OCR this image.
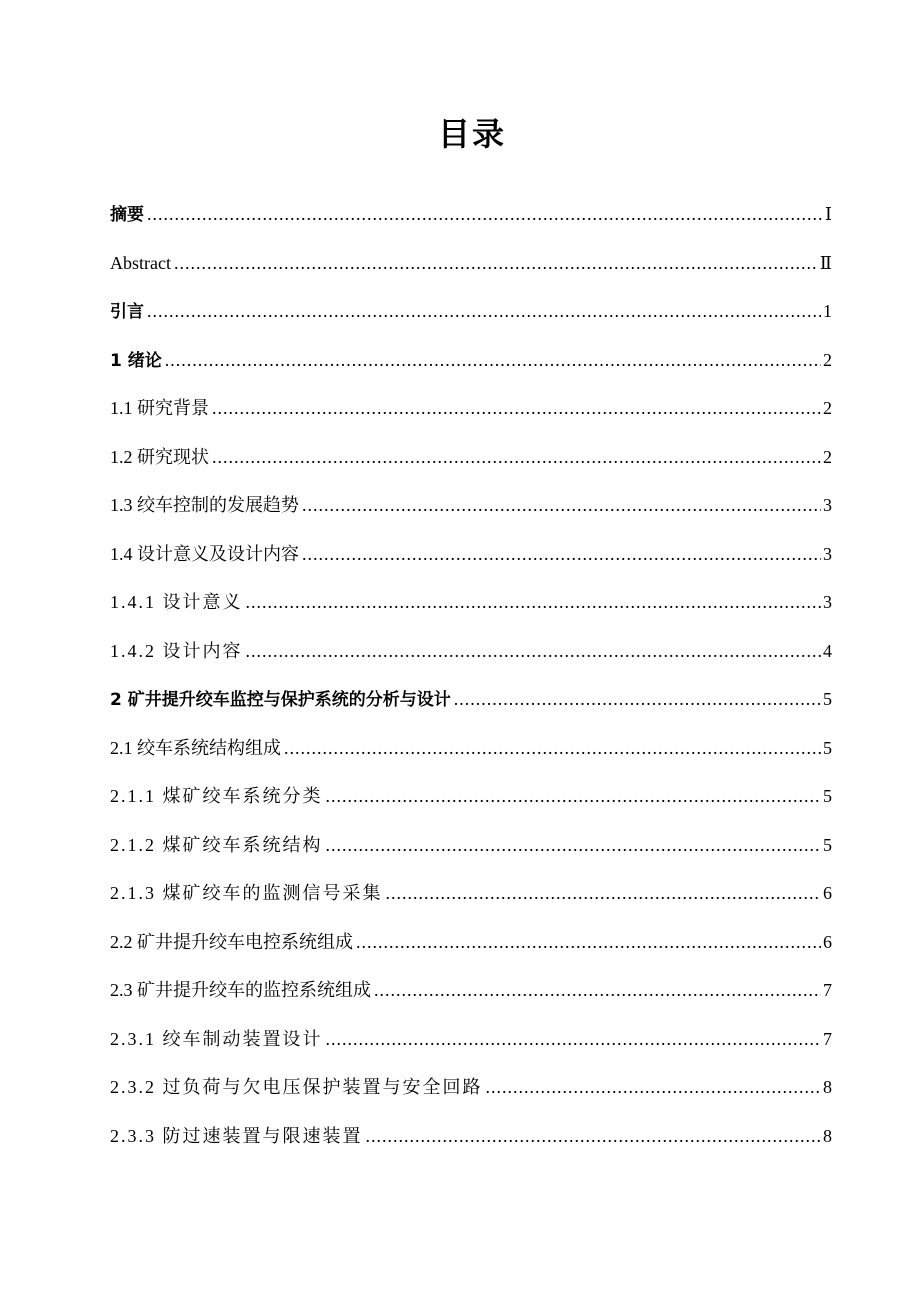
目录
摘要 .....	Ⅰ
Abstract .....	Ⅱ
引言 .....	1
1 绪论 .....	2
1.1 研究背景 .....	2
1.2 研究现状 .....	2
1.3 绞车控制的发展趋势 .....	3
1.4 设计意义及设计内容 .....	3
1.4.1 设计意义 .....	3
1.4.2 设计内容 .....	4
2 矿井提升绞车监控与保护系统的分析与设计 .....	5
2.1 绞车系统结构组成 .....	5
2.1.1 煤矿绞车系统分类 .....	5
2.1.2 煤矿绞车系统结构 .....	5
2.1.3 煤矿绞车的监测信号采集 .....	6
2.2 矿井提升绞车电控系统组成 .....	6
2.3 矿井提升绞车的监控系统组成 .....	7
2.3.1 绞车制动装置设计 .....	7
2.3.2 过负荷与欠电压保护装置与安全回路 .....	8
2.3.3 防过速装置与限速装置 .....	8
